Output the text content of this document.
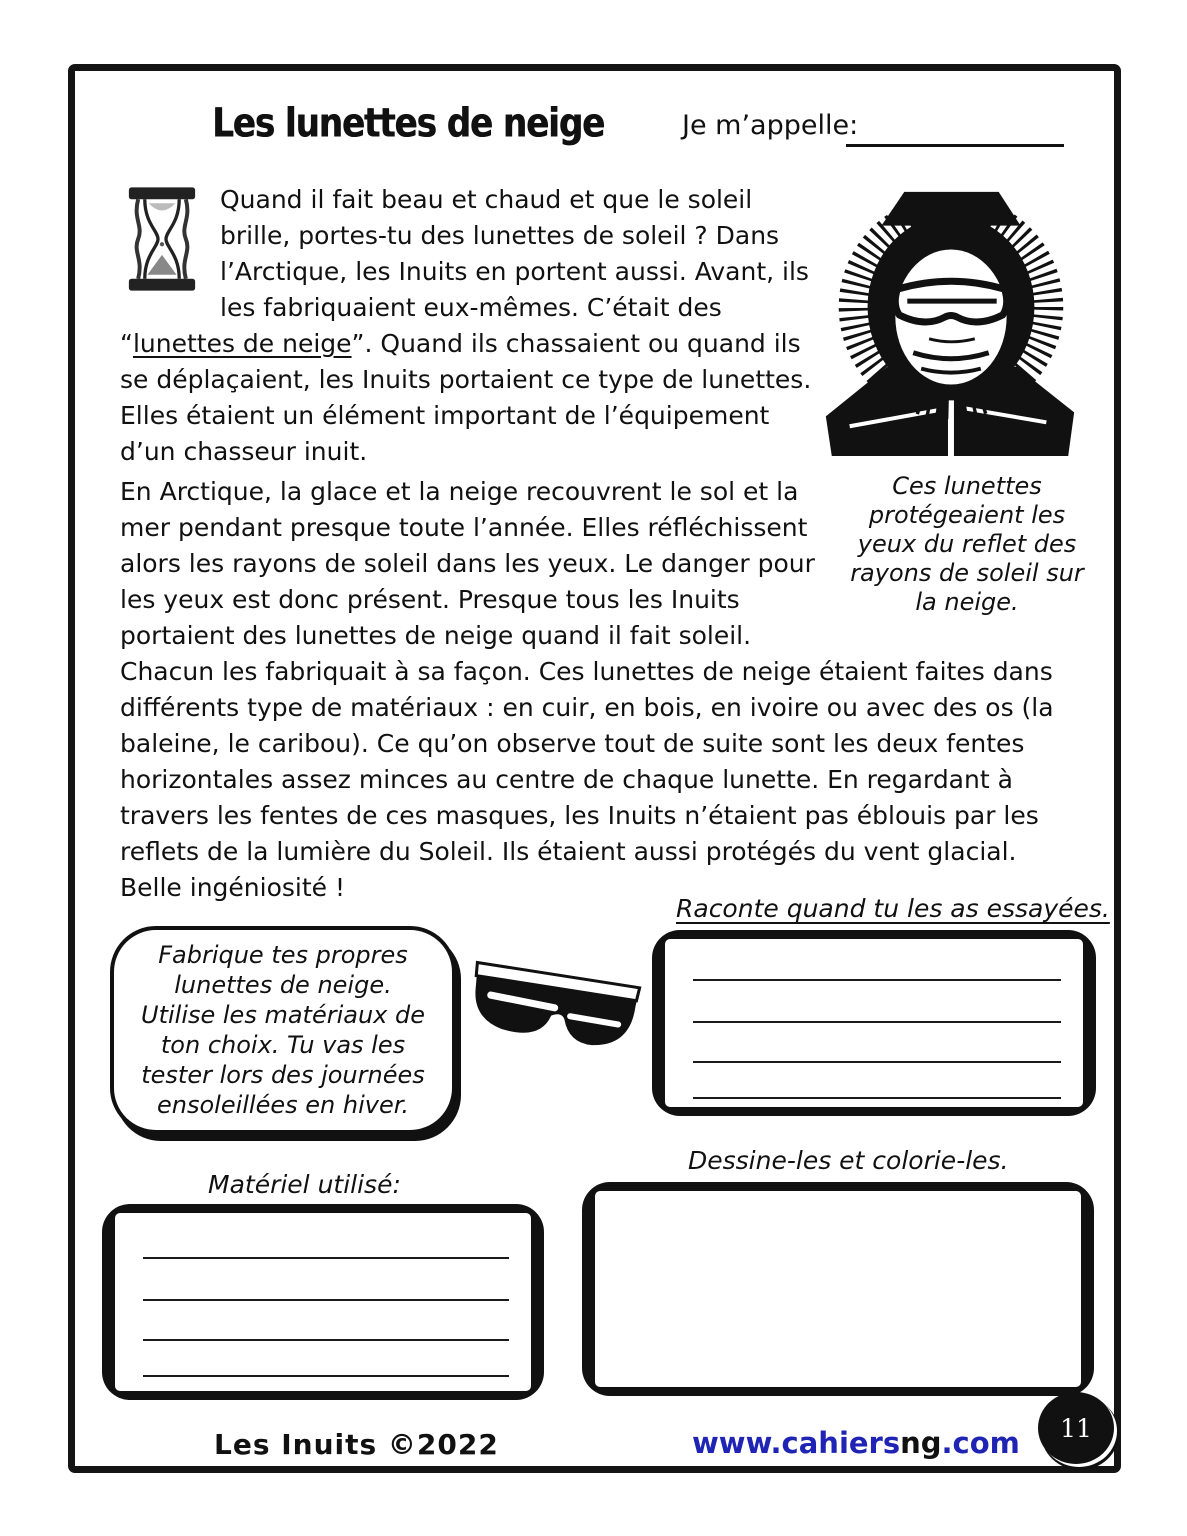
Les lunettes de neige	Je m’appelle:
Quand il fait beau et chaud et que le soleil brille, portes-tu des lunettes de soleil ? Dans l’Arctique, les Inuits en portent aussi. Avant, ils les fabriquaient eux-mêmes. C’était des “lunettes de neige”. Quand ils chassaient ou quand ils se déplaçaient, les Inuits portaient ce type de lunettes. Elles étaient un élément important de l’équipement d’un chasseur inuit.
Ces lunettes protégeaient les yeux du reflet des rayons de soleil sur la neige.
En Arctique, la glace et la neige recouvrent le sol et la mer pendant presque toute l’année. Elles réfléchissent alors les rayons de soleil dans les yeux. Le danger pour les yeux est donc présent. Presque tous les Inuits portaient des lunettes de neige quand il fait soleil.
Chacun les fabriquait à sa façon. Ces lunettes de neige étaient faites dans différents type de matériaux : en cuir, en bois, en ivoire ou avec des os (la baleine, le caribou). Ce qu’on observe tout de suite sont les deux fentes horizontales assez minces au centre de chaque lunette. En regardant à travers les fentes de ces masques, les Inuits n’étaient pas éblouis par les reflets de la lumière du Soleil. Ils étaient aussi protégés du vent glacial. Belle ingéniosité !
Fabrique tes propres lunettes de neige. Utilise les matériaux de ton choix. Tu vas les tester lors des journées ensoleillées en hiver.
Raconte quand tu les as essayées.
Dessine-les et colorie-les.
Matériel utilisé:
Les Inuits ©2022	www.cahiersng.com	11
